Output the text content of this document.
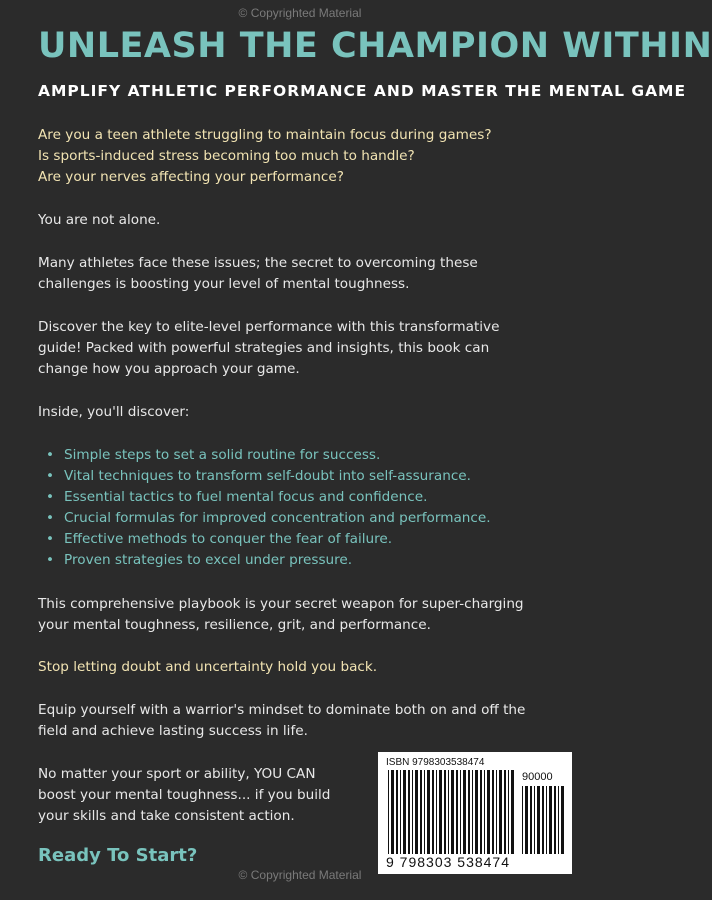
© Copyrighted Material
UNLEASH THE CHAMPION WITHIN
AMPLIFY ATHLETIC PERFORMANCE AND MASTER THE MENTAL GAME

Are you a teen athlete struggling to maintain focus during games?

Is sports-induced stress becoming too much to handle?

Are your nerves affecting your performance?

You are not alone.

Many athletes face these issues; the secret to overcoming these

challenges is boosting your level of mental toughness.

Discover the key to elite-level performance with this transformative

guide! Packed with powerful strategies and insights, this book can

change how you approach your game.

Inside, you'll discover:

• Simple steps to set a solid routine for success.
• Vital techniques to transform self-doubt into self-assurance.
• Essential tactics to fuel mental focus and confidence.
• Crucial formulas for improved concentration and performance.
• Effective methods to conquer the fear of failure.
• Proven strategies to excel under pressure.

This comprehensive playbook is your secret weapon for super-charging

your mental toughness, resilience, grit, and performance.

Stop letting doubt and uncertainty hold you back.

Equip yourself with a warrior's mindset to dominate both on and off the

field and achieve lasting success in life.

No matter your sport or ability, YOU CAN

boost your mental toughness... if you build

your skills and take consistent action.

Ready To Start?
ISBN 9798303538474
90000
9 798303 538474
© Copyrighted Material
